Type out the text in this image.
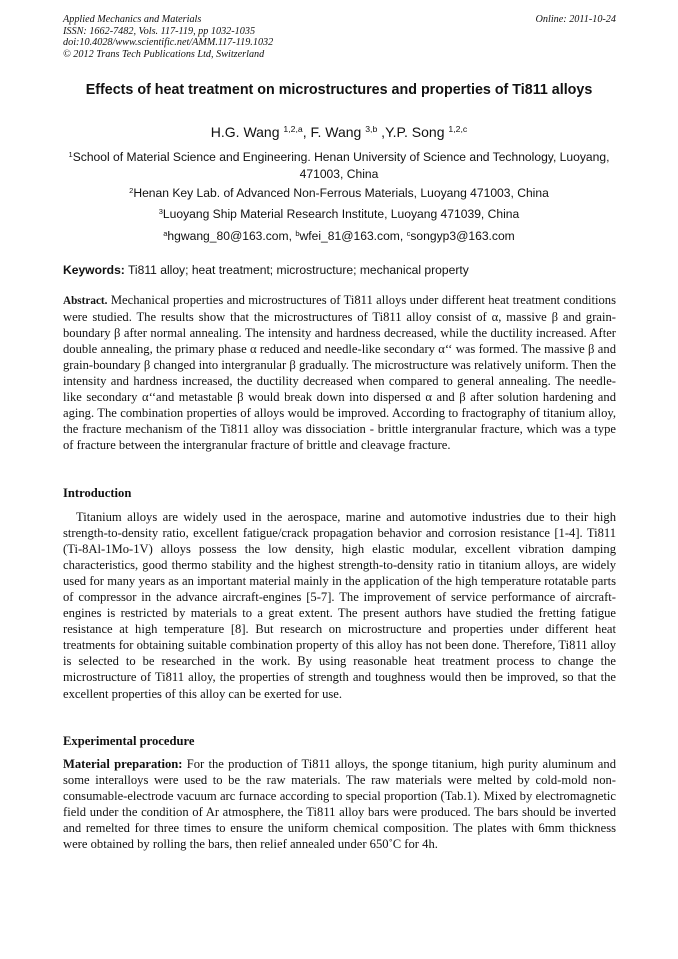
Applied Mechanics and Materials
ISSN: 1662-7482, Vols. 117-119, pp 1032-1035
doi:10.4028/www.scientific.net/AMM.117-119.1032
© 2012 Trans Tech Publications Ltd, Switzerland
Online: 2011-10-24
Effects of heat treatment on microstructures and properties of Ti811 alloys
H.G. Wang $^{1,2,a}$, F. Wang $^{3,b}$ ,Y.P. Song $^{1,2,c}$
$^1$School of Material Science and Engineering. Henan University of Science and Technology, Luoyang, 471003, China
$^2$Henan Key Lab. of Advanced Non-Ferrous Materials, Luoyang 471003, China
$^3$Luoyang Ship Material Research Institute, Luoyang 471039, China
$^a$hgwang_80@163.com, $^b$wfei_81@163.com, $^c$songyp3@163.com
Keywords: Ti811 alloy; heat treatment; microstructure; mechanical property

Abstract. Mechanical properties and microstructures of Ti811 alloys under different heat treatment conditions were studied. The results show that the microstructures of Ti811 alloy consist of α, massive β and grain-boundary β after normal annealing. The intensity and hardness decreased, while the ductility increased. After double annealing, the primary phase α reduced and needle-like secondary α‘‘ was formed. The massive β and grain-boundary β changed into intergranular β gradually. The microstructure was relatively uniform. Then the intensity and hardness increased, the ductility decreased when compared to general annealing. The needle-like secondary α‘‘and metastable β would break down into dispersed α and β after solution hardening and aging. The combination properties of alloys would be improved. According to fractography of titanium alloy, the fracture mechanism of the Ti811 alloy was dissociation - brittle intergranular fracture, which was a type of fracture between the intergranular fracture of brittle and cleavage fracture.

Introduction

Titanium alloys are widely used in the aerospace, marine and automotive industries due to their high strength-to-density ratio, excellent fatigue/crack propagation behavior and corrosion resistance [1-4]. Ti811 (Ti-8Al-1Mo-1V) alloys possess the low density, high elastic modular, excellent vibration damping characteristics, good thermo stability and the highest strength-to-density ratio in titanium alloys, are widely used for many years as an important material mainly in the application of the high temperature rotatable parts of compressor in the advance aircraft-engines [5-7]. The improvement of service performance of aircraft-engines is restricted by materials to a great extent. The present authors have studied the fretting fatigue resistance at high temperature [8]. But research on microstructure and properties under different heat treatments for obtaining suitable combination property of this alloy has not been done. Therefore, Ti811 alloy is selected to be researched in the work. By using reasonable heat treatment process to change the microstructure of Ti811 alloy, the properties of strength and toughness would then be improved, so that the excellent properties of this alloy can be exerted for use.

Experimental procedure

Material preparation: For the production of Ti811 alloys, the sponge titanium, high purity aluminum and some interalloys were used to be the raw materials. The raw materials were melted by cold-mold non-consumable-electrode vacuum arc furnace according to special proportion (Tab.1). Mixed by electromagnetic field under the condition of Ar atmosphere, the Ti811 alloy bars were produced. The bars should be inverted and remelted for three times to ensure the uniform chemical composition. The plates with 6mm thickness were obtained by rolling the bars, then relief annealed under 650˚C for 4h.
